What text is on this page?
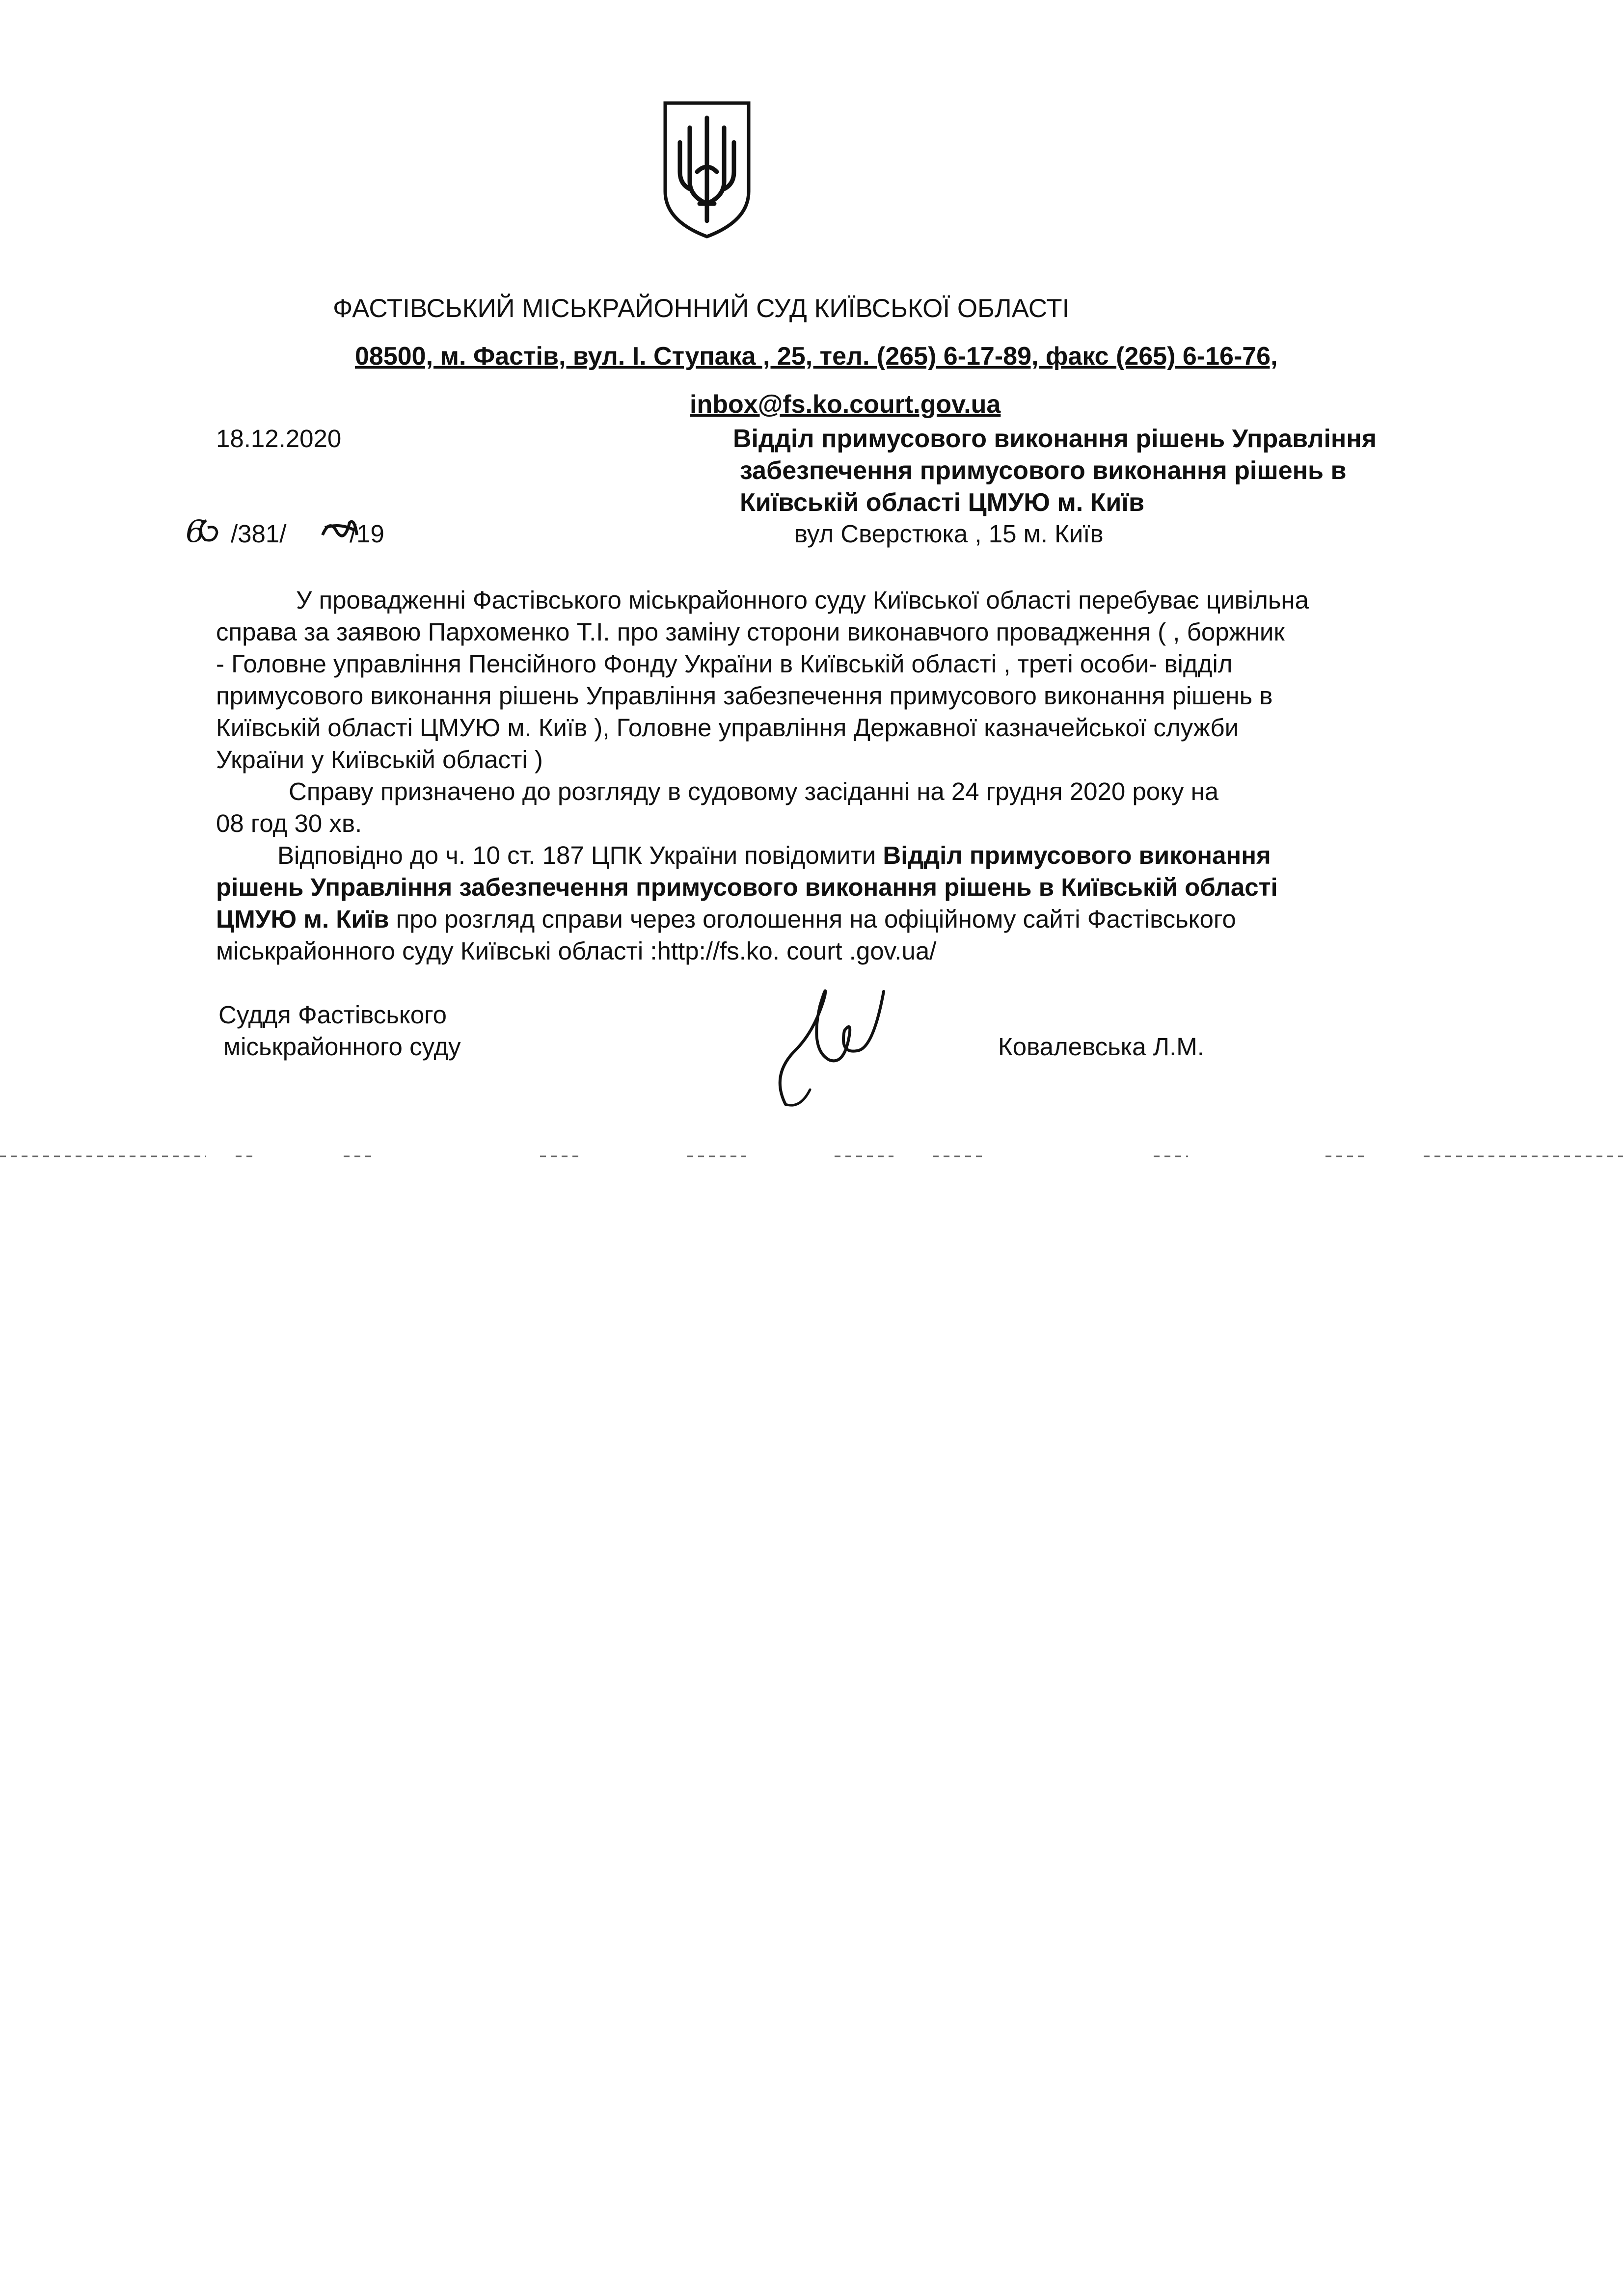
ФАСТІВСЬКИЙ МІСЬКРАЙОННИЙ СУД КИЇВСЬКОЇ ОБЛАСТІ
08500, м. Фастів, вул. І. Ступака , 25, тел. (265) 6-17-89, факс (265) 6-16-76,
inbox@fs.ko.court.gov.ua
18.12.2020
6 /381/	/19
Відділ примусового виконання рішень Управління
забезпечення примусового виконання рішень в
Київській області ЦМУЮ м. Київ
вул Сверстюка , 15 м. Київ
У провадженні Фастівського міськрайонного суду Київської області перебуває цивільна
справа за заявою Пархоменко Т.І. про заміну сторони виконавчого провадження ( , боржник
- Головне управління Пенсійного Фонду України в Київській області , треті особи- відділ
примусового виконання рішень Управління забезпечення примусового виконання рішень в
Київській області ЦМУЮ м. Київ ), Головне управління Державної казначейської служби
України у Київській області )
Справу призначено до розгляду в судовому засіданні на 24 грудня 2020 року на
08 год 30 хв.
Відповідно до ч. 10 ст. 187 ЦПК України повідомити Відділ примусового виконання
рішень Управління забезпечення примусового виконання рішень в Київській області
ЦМУЮ м. Київ про розгляд справи через оголошення на офіційному сайті Фастівського
міськрайонного суду Київські області :http://fs.ko. court .gov.ua/
Суддя Фастівського
міськрайонного суду	Ковалевська Л.М.
